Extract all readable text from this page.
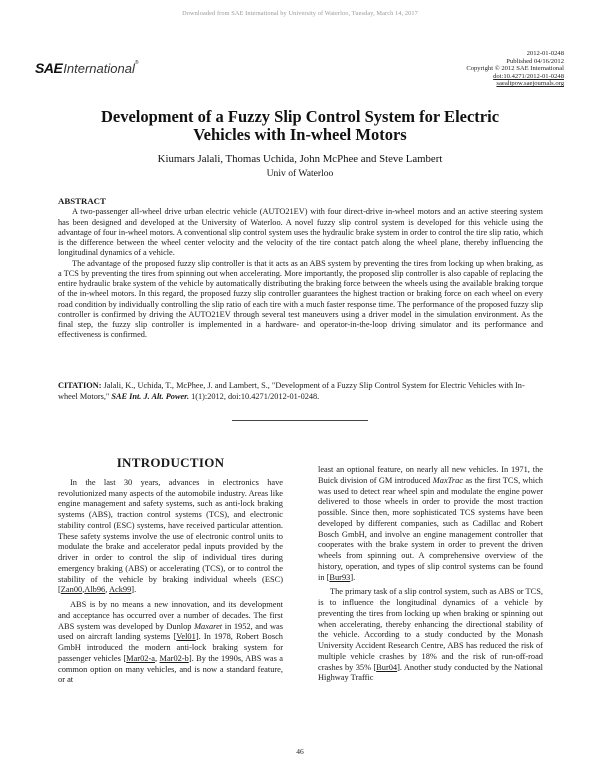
Downloaded from SAE International by University of Waterloo, Tuesday, March 14, 2017
SAEInternational®
2012-01-0248
Published 04/16/2012
Copyright © 2012 SAE International
doi:10.4271/2012-01-0248
saealtpow.saejournals.org
Development of a Fuzzy Slip Control System for Electric
Vehicles with In-wheel Motors
Kiumars Jalali, Thomas Uchida, John McPhee and Steve Lambert
Univ of Waterloo
ABSTRACT

A two-passenger all-wheel drive urban electric vehicle (AUTO21EV) with four direct-drive in-wheel motors and an active steering system has been designed and developed at the University of Waterloo. A novel fuzzy slip control system is developed for this vehicle using the advantage of four in-wheel motors. A conventional slip control system uses the hydraulic brake system in order to control the tire slip ratio, which is the difference between the wheel center velocity and the velocity of the tire contact patch along the wheel plane, thereby influencing the longitudinal dynamics of a vehicle.

The advantage of the proposed fuzzy slip controller is that it acts as an ABS system by preventing the tires from locking up when braking, as a TCS by preventing the tires from spinning out when accelerating. More importantly, the proposed slip controller is also capable of replacing the entire hydraulic brake system of the vehicle by automatically distributing the braking force between the wheels using the available braking torque of the in-wheel motors. In this regard, the proposed fuzzy slip controller guarantees the highest traction or braking force on each wheel on every road condition by individually controlling the slip ratio of each tire with a much faster response time. The performance of the proposed fuzzy slip controller is confirmed by driving the AUTO21EV through several test maneuvers using a driver model in the simulation environment. As the final step, the fuzzy slip controller is implemented in a hardware- and operator-in-the-loop driving simulator and its performance and effectiveness is confirmed.

CITATION: Jalali, K., Uchida, T., McPhee, J. and Lambert, S., "Development of a Fuzzy Slip Control System for Electric Vehicles with In-wheel Motors," SAE Int. J. Alt. Power. 1(1):2012, doi:10.4271/2012-01-0248.
INTRODUCTION

In the last 30 years, advances in electronics have revolutionized many aspects of the automobile industry. Areas like engine management and safety systems, such as anti-lock braking systems (ABS), traction control systems (TCS), and electronic stability control (ESC) systems, have received particular attention. These safety systems involve the use of electronic control units to modulate the brake and accelerator pedal inputs provided by the driver in order to control the slip of individual tires during emergency braking (ABS) or accelerating (TCS), or to control the stability of the vehicle by braking individual wheels (ESC) [Zan00,Alb96, Ack99].

ABS is by no means a new innovation, and its development and acceptance has occurred over a number of decades. The first ABS system was developed by Dunlop Maxaret in 1952, and was used on aircraft landing systems [Vel01]. In 1978, Robert Bosch GmbH introduced the modern anti-lock braking system for passenger vehicles [Mar02-a, Mar02-b]. By the 1990s, ABS was a common option on many vehicles, and is now a standard feature, or at

least an optional feature, on nearly all new vehicles. In 1971, the Buick division of GM introduced MaxTrac as the first TCS, which was used to detect rear wheel spin and modulate the engine power delivered to those wheels in order to provide the most traction possible. Since then, more sophisticated TCS systems have been developed by different companies, such as Cadillac and Robert Bosch GmbH, and involve an engine management controller that cooperates with the brake system in order to prevent the driven wheels from spinning out. A comprehensive overview of the history, operation, and types of slip control systems can be found in [Bur93].

The primary task of a slip control system, such as ABS or TCS, is to influence the longitudinal dynamics of a vehicle by preventing the tires from locking up when braking or spinning out when accelerating, thereby enhancing the directional stability of the vehicle. According to a study conducted by the Monash University Accident Research Centre, ABS has reduced the risk of multiple vehicle crashes by 18% and the risk of run-off-road crashes by 35% [Bur04]. Another study conducted by the National Highway Traffic

46
